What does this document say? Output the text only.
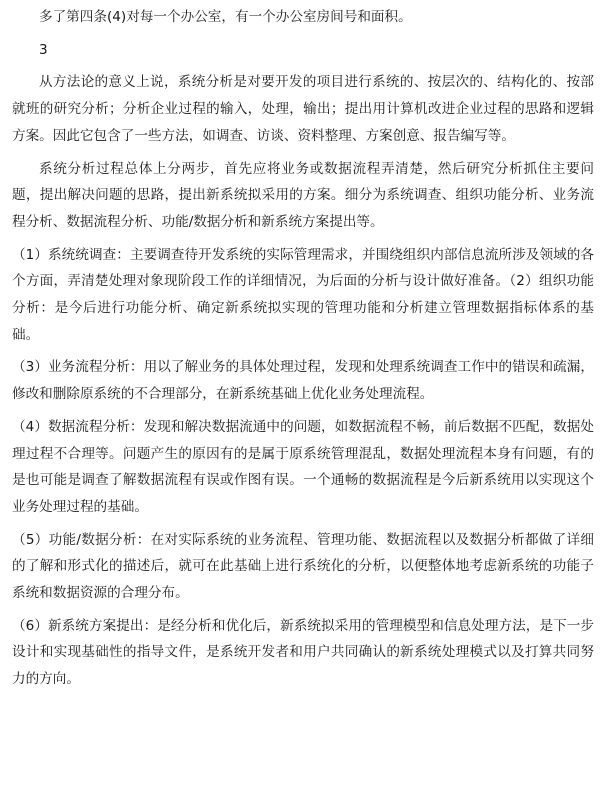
多了第四条(4)对每一个办公室，有一个办公室房间号和面积。

3

从方法论的意义上说，系统分析是对要开发的项目进行系统的、按层次的、结构化的、按部就班的研究分析；分析企业过程的输入，处理，输出；提出用计算机改进企业过程的思路和逻辑方案。因此它包含了一些方法，如调查、访谈、资料整理、方案创意、报告编写等。

系统分析过程总体上分两步，首先应将业务或数据流程弄清楚，然后研究分析抓住主要问题，提出解决问题的思路，提出新系统拟采用的方案。细分为系统调查、组织功能分析、业务流程分析、数据流程分析、功能/数据分析和新系统方案提出等。

（1）系统统调查：主要调查待开发系统的实际管理需求，并围绕组织内部信息流所涉及领域的各个方面，弄清楚处理对象现阶段工作的详细情况，为后面的分析与设计做好准备。（2）组织功能分析：是今后进行功能分析、确定新系统拟实现的管理功能和分析建立管理数据指标体系的基础。

（3）业务流程分析：用以了解业务的具体处理过程，发现和处理系统调查工作中的错误和疏漏，修改和删除原系统的不合理部分，在新系统基础上优化业务处理流程。

（4）数据流程分析：发现和解决数据流通中的问题，如数据流程不畅，前后数据不匹配，数据处理过程不合理等。问题产生的原因有的是属于原系统管理混乱，数据处理流程本身有问题，有的是也可能是调查了解数据流程有误或作图有误。一个通畅的数据流程是今后新系统用以实现这个业务处理过程的基础。

（5）功能/数据分析：在对实际系统的业务流程、管理功能、数据流程以及数据分析都做了详细的了解和形式化的描述后，就可在此基础上进行系统化的分析，以便整体地考虑新系统的功能子系统和数据资源的合理分布。

（6）新系统方案提出：是经分析和优化后，新系统拟采用的管理模型和信息处理方法，是下一步设计和实现基础性的指导文件，是系统开发者和用户共同确认的新系统处理模式以及打算共同努力的方向。
